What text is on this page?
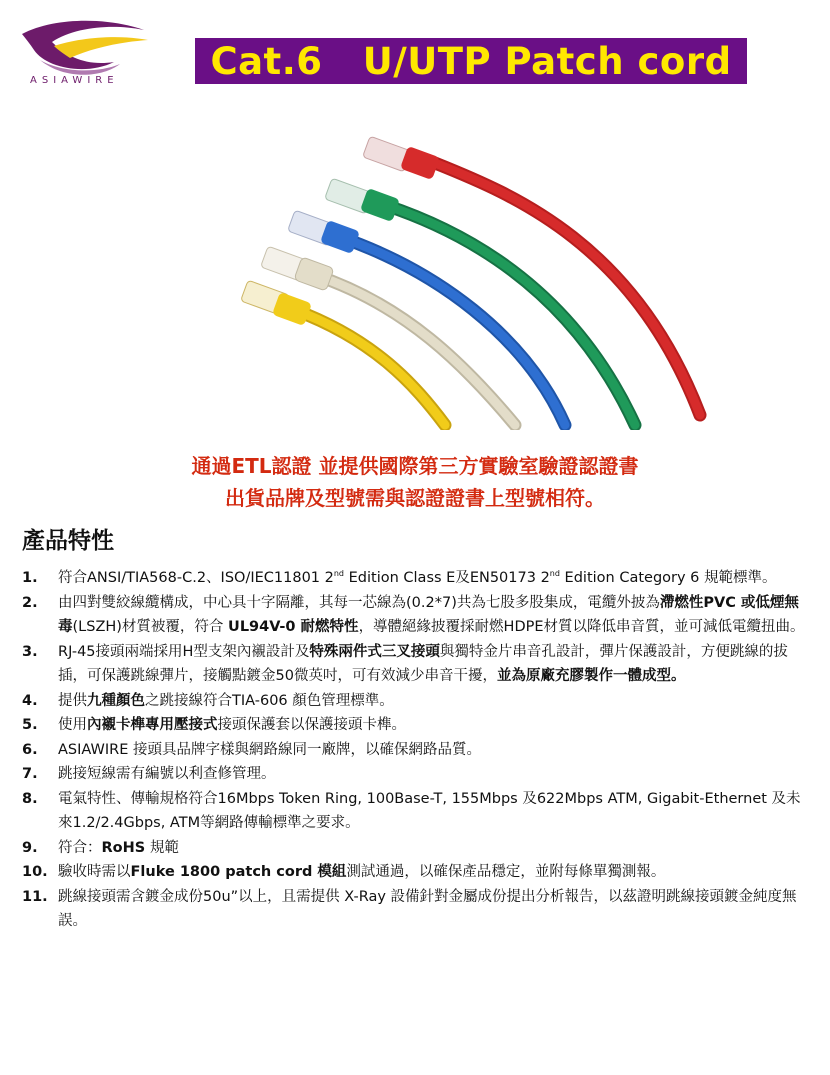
ASIAWIRE Cat.6   U/UTP Patch cord
通過ETL認證 並提供國際第三方實驗室驗證認證書
出貨品牌及型號需與認證證書上型號相符。
產品特性
1.	符合ANSI/TIA568-C.2、ISO/IEC11801 2nd Edition Class E及EN50173 2nd Edition Category 6 規範標準。
2.	由四對雙絞線纜構成，中心具十字隔離，其每一芯線為(0.2*7)共為七股多股集成，電纜外披為滯燃性PVC 或低煙無毒(LSZH)材質被覆，符合 UL94V-0 耐燃特性，導體絕緣披覆採耐燃HDPE材質以降低串音質，並可減低電纜扭曲。
3.	RJ-45接頭兩端採用H型支架內襯設計及特殊兩件式三叉接頭與獨特金片串音孔設計，彈片保護設計，方便跳線的拔插，可保護跳線彈片，接觸點鍍金50微英吋，可有效減少串音干擾，並為原廠充膠製作一體成型。
4.	提供九種顏色之跳接線符合TIA-606 顏色管理標準。
5.	使用內襯卡榫專用壓接式接頭保護套以保護接頭卡榫。
6.	ASIAWIRE 接頭具品牌字樣與網路線同一廠牌，以確保網路品質。
7.	跳接短線需有編號以利查修管理。
8.	電氣特性、傳輸規格符合16Mbps Token Ring, 100Base-T, 155Mbps 及622Mbps ATM, Gigabit-Ethernet 及未來1.2/2.4Gbps, ATM等網路傳輸標準之要求。
9.	符合：RoHS 規範
10. 驗收時需以Fluke 1800 patch cord 模組測試通過，以確保產品穩定，並附每條單獨測報。
11. 跳線接頭需含鍍金成份50u”以上，且需提供 X-Ray 設備針對金屬成份提出分析報告，以茲證明跳線接頭鍍金純度無誤。
